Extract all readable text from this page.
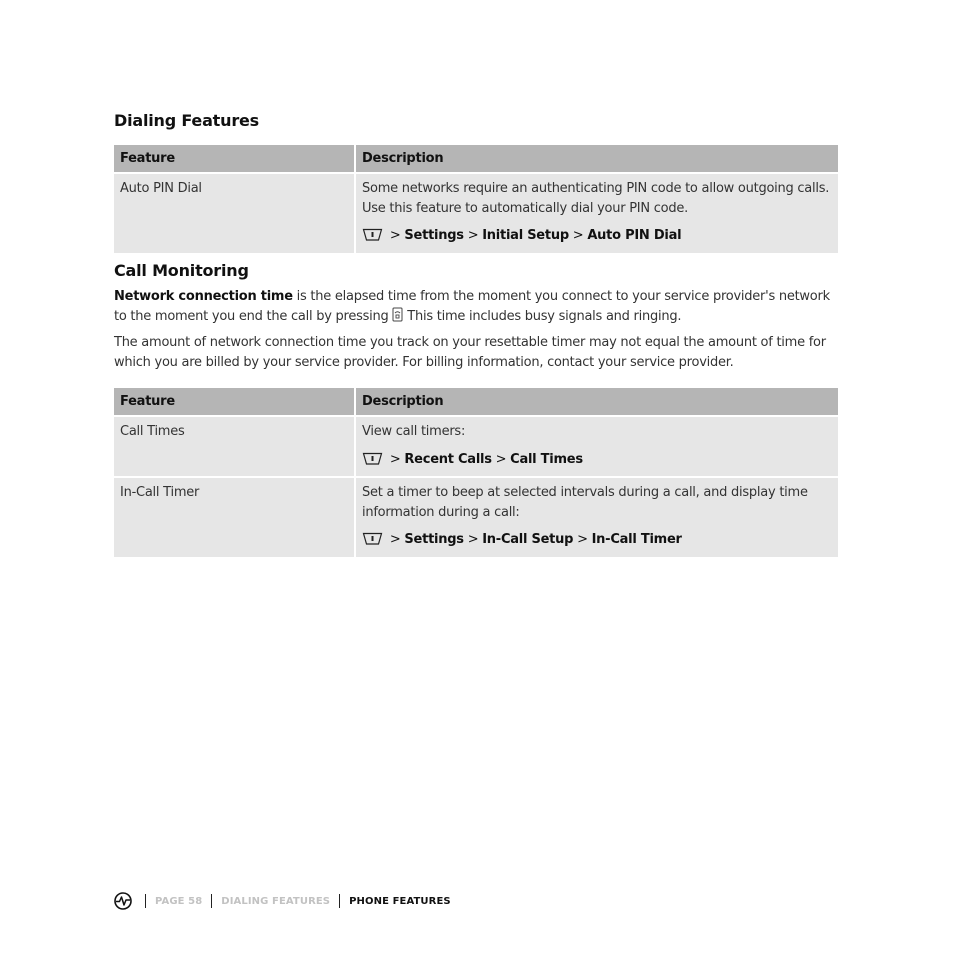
Dialing Features
Feature	Description
Auto PIN Dial	Some networks require an authenticating PIN code to allow outgoing calls. Use this feature to automatically dial your PIN code.
> Settings > Initial Setup > Auto PIN Dial
Call Monitoring
Network connection time is the elapsed time from the moment you connect to your service provider's network to the moment you end the call by pressing  This time includes busy signals and ringing.
The amount of network connection time you track on your resettable timer may not equal the amount of time for which you are billed by your service provider. For billing information, contact your service provider.
Feature	Description
Call Times	View call timers:
> Recent Calls > Call Times

In-Call Timer	Set a timer to beep at selected intervals during a call, and display time information during a call:
> Settings > In-Call Setup > In-Call Timer
PAGE 58 DIALING FEATURES PHONE FEATURES
